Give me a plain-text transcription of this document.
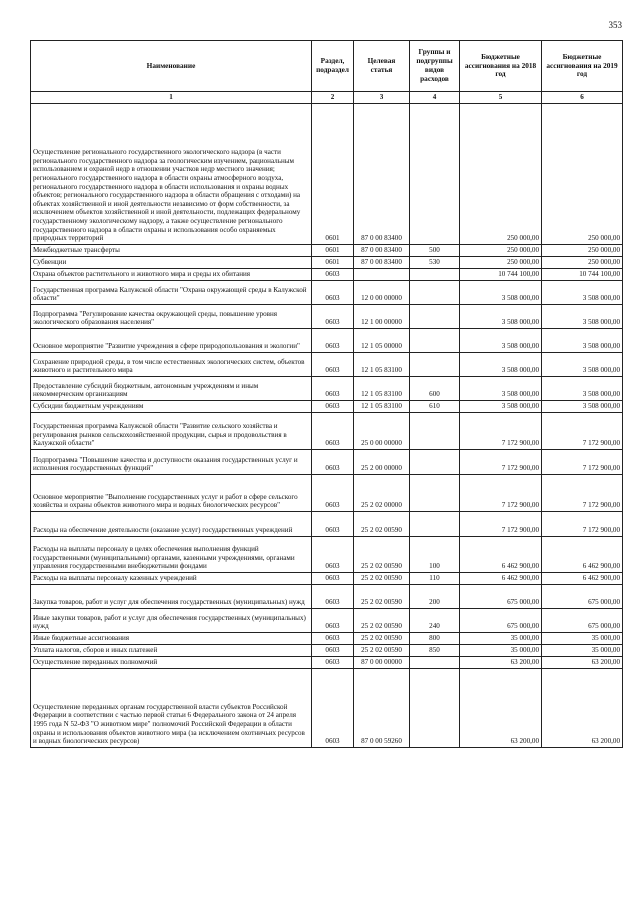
353
Наименование	Раздел, подраздел	Целевая статья	Группы и подгруппы видов расходов	Бюджетные ассигнования на 2018 год	Бюджетные ассигнования на 2019 год
1	2	3	4	5	6
Осуществление регионального государственного экологического надзора (в части регионального государственного надзора за геологическим изучением, рациональным использованием и охраной недр в отношении участков недр местного значения; регионального государственного надзора в области охраны атмосферного воздуха, регионального государственного надзора в области использования и охраны водных объектов; регионального государственного надзора в области обращения с отходами) на объектах хозяйственной и иной деятельности независимо от форм собственности, за исключением объектов хозяйственной и иной деятельности, подлежащих федеральному государственному экологическому надзору, а также осуществление регионального государственного надзора в области охраны и использования особо охраняемых природных территорий	0601	87 0 00 83400		250 000,00	250 000,00
Межбюджетные трансферты	0601	87 0 00 83400	500	250 000,00	250 000,00
Субвенции	0601	87 0 00 83400	530	250 000,00	250 000,00
Охрана объектов растительного и животного мира и среды их обитания	0603			10 744 100,00	10 744 100,00
Государственная программа Калужской области "Охрана окружающей среды в Калужской области"	0603	12 0 00 00000		3 508 000,00	3 508 000,00
Подпрограмма "Регулирование качества окружающей среды, повышение уровня экологического образования населения"	0603	12 1 00 00000		3 508 000,00	3 508 000,00
Основное мероприятие "Развитие учреждения в сфере природопользования и экологии"	0603	12 1 05 00000		3 508 000,00	3 508 000,00
Сохранение природной среды, в том числе естественных экологических систем, объектов животного и растительного мира	0603	12 1 05 83100		3 508 000,00	3 508 000,00
Предоставление субсидий бюджетным, автономным учреждениям и иным некоммерческим организациям	0603	12 1 05 83100	600	3 508 000,00	3 508 000,00
Субсидии бюджетным учреждениям	0603	12 1 05 83100	610	3 508 000,00	3 508 000,00
Государственная программа Калужской области "Развитие сельского хозяйства и регулирования рынков сельскохозяйственной продукции, сырья и продовольствия в Калужской области"	0603	25 0 00 00000		7 172 900,00	7 172 900,00
Подпрограмма "Повышение качества и доступности оказания государственных услуг и исполнения государственных функций"	0603	25 2 00 00000		7 172 900,00	7 172 900,00
Основное мероприятие "Выполнение государственных услуг и работ в сфере сельского хозяйства и охраны объектов животного мира и водных биологических ресурсов"	0603	25 2 02 00000		7 172 900,00	7 172 900,00
Расходы на обеспечение деятельности (оказание услуг) государственных учреждений	0603	25 2 02 00590		7 172 900,00	7 172 900,00
Расходы на выплаты персоналу в целях обеспечения выполнения функций государственными (муниципальными) органами, казенными учреждениями, органами управления государственными внебюджетными фондами	0603	25 2 02 00590	100	6 462 900,00	6 462 900,00
Расходы на выплаты персоналу казенных учреждений	0603	25 2 02 00590	110	6 462 900,00	6 462 900,00
Закупка товаров, работ и услуг для обеспечения государственных (муниципальных) нужд	0603	25 2 02 00590	200	675 000,00	675 000,00
Иные закупки товаров, работ и услуг для обеспечения государственных (муниципальных) нужд	0603	25 2 02 00590	240	675 000,00	675 000,00
Иные бюджетные ассигнования	0603	25 2 02 00590	800	35 000,00	35 000,00
Уплата налогов, сборов и иных платежей	0603	25 2 02 00590	850	35 000,00	35 000,00
Осуществление переданных полномочий	0603	87 0 00 00000		63 200,00	63 200,00
Осуществление переданных органам государственной власти субъектов Российской Федерации в соответствии с частью первой статьи 6 Федерального закона от 24 апреля 1995 года N 52-ФЗ "О животном мире" полномочий Российской Федерации в области охраны и использования объектов животного мира (за исключением охотничьих ресурсов и водных биологических ресурсов)	0603	87 0 00 59260		63 200,00	63 200,00
